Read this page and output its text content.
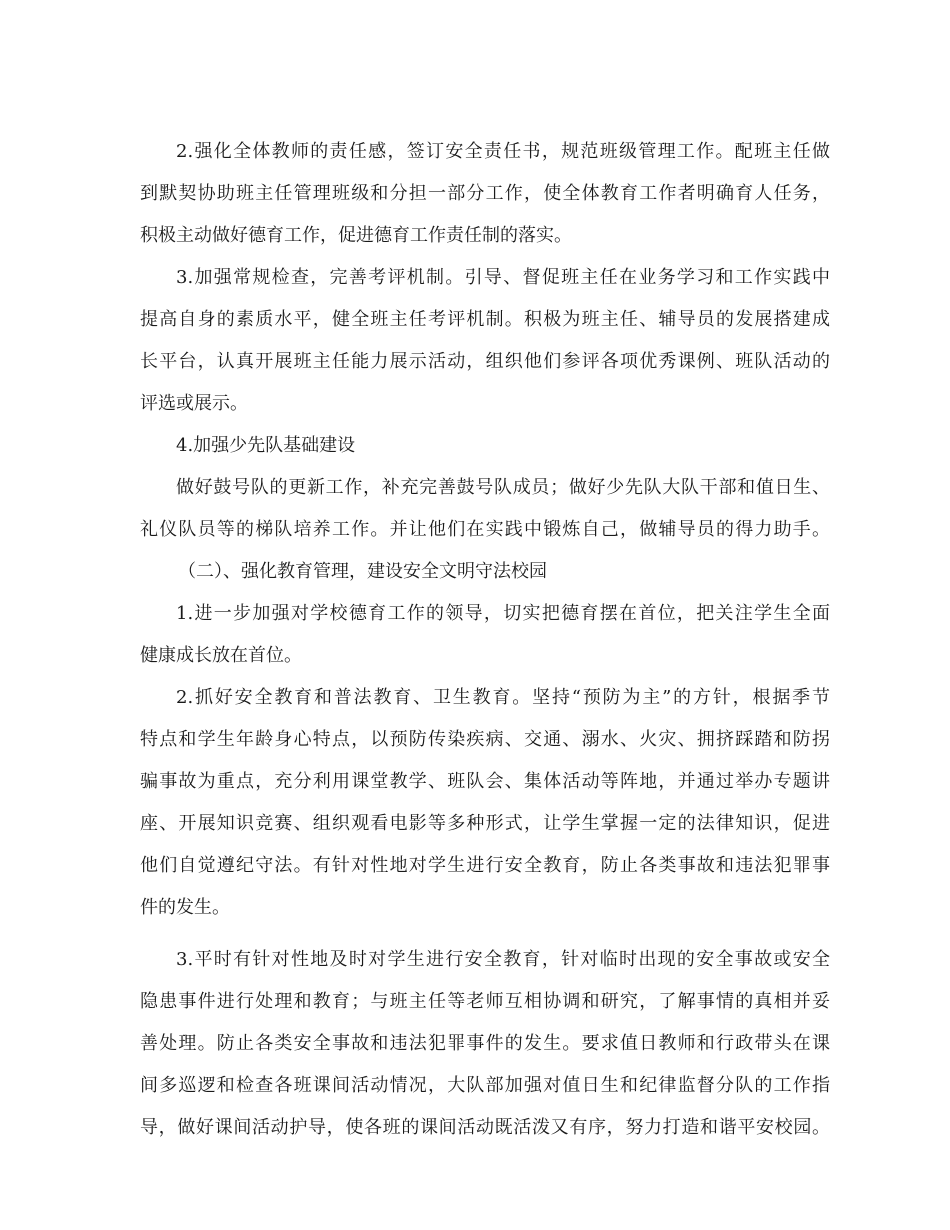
2.强化全体教师的责任感，签订安全责任书，规范班级管理工作。配班主任做
到默契协助班主任管理班级和分担一部分工作，使全体教育工作者明确育人任务，
积极主动做好德育工作，促进德育工作责任制的落实。
3.加强常规检查，完善考评机制。引导、督促班主任在业务学习和工作实践中
提高自身的素质水平，健全班主任考评机制。积极为班主任、辅导员的发展搭建成
长平台，认真开展班主任能力展示活动，组织他们参评各项优秀课例、班队活动的
评选或展示。
4.加强少先队基础建设
做好鼓号队的更新工作，补充完善鼓号队成员；做好少先队大队干部和值日生、
礼仪队员等的梯队培养工作。并让他们在实践中锻炼自己，做辅导员的得力助手。
（二）、强化教育管理，建设安全文明守法校园
1.进一步加强对学校德育工作的领导，切实把德育摆在首位，把关注学生全面
健康成长放在首位。
2.抓好安全教育和普法教育、卫生教育。坚持“预防为主”的方针，根据季节
特点和学生年龄身心特点，以预防传染疾病、交通、溺水、火灾、拥挤踩踏和防拐
骗事故为重点，充分利用课堂教学、班队会、集体活动等阵地，并通过举办专题讲
座、开展知识竞赛、组织观看电影等多种形式，让学生掌握一定的法律知识，促进
他们自觉遵纪守法。有针对性地对学生进行安全教育，防止各类事故和违法犯罪事
件的发生。
3.平时有针对性地及时对学生进行安全教育，针对临时出现的安全事故或安全
隐患事件进行处理和教育；与班主任等老师互相协调和研究，了解事情的真相并妥
善处理。防止各类安全事故和违法犯罪事件的发生。要求值日教师和行政带头在课
间多巡逻和检查各班课间活动情况，大队部加强对值日生和纪律监督分队的工作指
导，做好课间活动护导，使各班的课间活动既活泼又有序，努力打造和谐平安校园。
